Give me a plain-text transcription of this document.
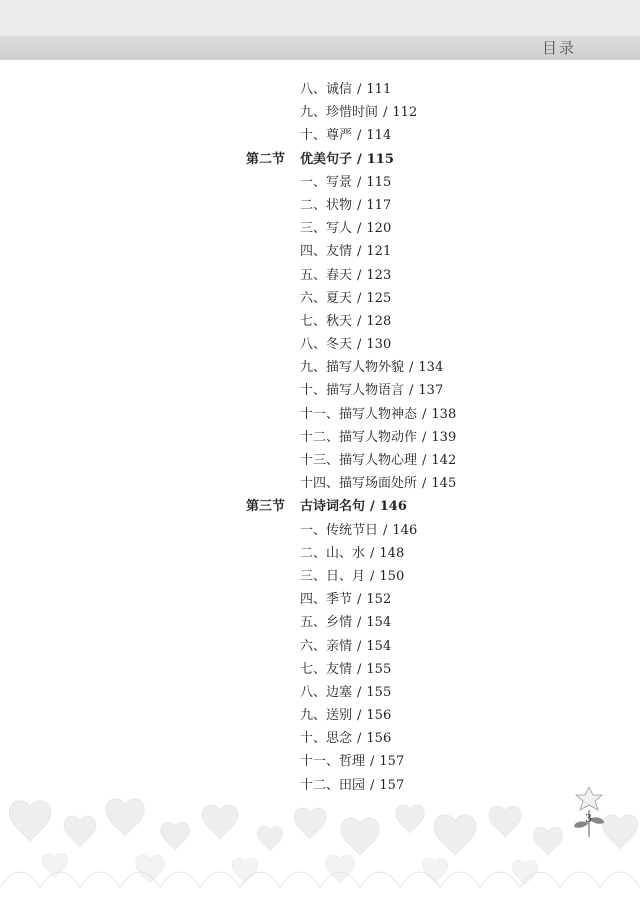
目录
八、诚信 / 111
九、珍惜时间 / 112
十、尊严 / 114
第二节 优美句子 / 115
一、写景 / 115
二、状物 / 117
三、写人 / 120
四、友情 / 121
五、春天 / 123
六、夏天 / 125
七、秋天 / 128
八、冬天 / 130
九、描写人物外貌 / 134
十、描写人物语言 / 137
十一、描写人物神态 / 138
十二、描写人物动作 / 139
十三、描写人物心理 / 142
十四、描写场面处所 / 145
第三节 古诗词名句 / 146
一、传统节日 / 146
二、山、水 / 148
三、日、月 / 150
四、季节 / 152
五、乡情 / 154
六、亲情 / 154
七、友情 / 155
八、边塞 / 155
九、送别 / 156
十、思念 / 156
十一、哲理 / 157
十二、田园 / 157
3
